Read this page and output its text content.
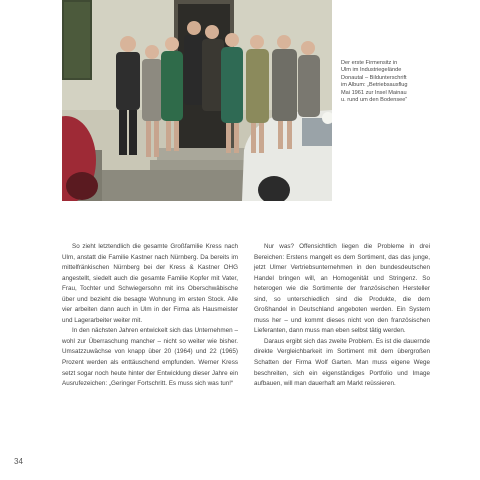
Der erste Firmensitz in
Ulm im Industriegelände
Donautal – Bildunterschrift
im Album: „Betriebsausflug
Mai 1961 zur Insel Mainau
u. rund um den Bodensee“

So zieht letztendlich die gesamte Großfamilie Kress nach Ulm, anstatt die Familie Kastner nach Nürnberg. Da bereits im mittelfränkischen Nürnberg bei der Kress & Kastner OHG angestellt, siedelt auch die gesamte Familie Kopfer mit Vater, Frau, Tochter und Schwiegersohn mit ins Oberschwäbische über und bezieht die besagte Wohnung im ersten Stock. Alle vier arbeiten dann auch in Ulm in der Firma als Hausmeister und Lagerarbeiter weiter mit.

In den nächsten Jahren entwickelt sich das Unternehmen – wohl zur Überraschung mancher – nicht so weiter wie bisher. Umsatzzuwächse von knapp über 20 (1964) und 22 (1965) Prozent werden als enttäuschend empfunden. Werner Kress setzt sogar noch heute hinter der Entwicklung dieser Jahre ein Ausrufezeichen: „Geringer Fortschritt. Es muss sich was tun!“

Nur was? Offensichtlich liegen die Probleme in drei Bereichen: Erstens mangelt es dem Sortiment, das das junge, jetzt Ulmer Vertriebsunternehmen in den bundesdeutschen Handel bringen will, an Homogenität und Stringenz. So heterogen wie die Sortimente der französischen Hersteller sind, so unterschiedlich sind die Produkte, die dem Großhandel in Deutschland angeboten werden. Ein System muss her – und kommt dieses nicht von den französischen Lieferanten, dann muss man eben selbst tätig werden.

Daraus ergibt sich das zweite Problem. Es ist die dauernde direkte Vergleichbarkeit im Sortiment mit dem übergroßen Schatten der Firma Wolf Garten. Man muss eigene Wege beschreiten, sich ein eigenständiges Portfolio und Image aufbauen, will man dauerhaft am Markt reüssieren.

34
